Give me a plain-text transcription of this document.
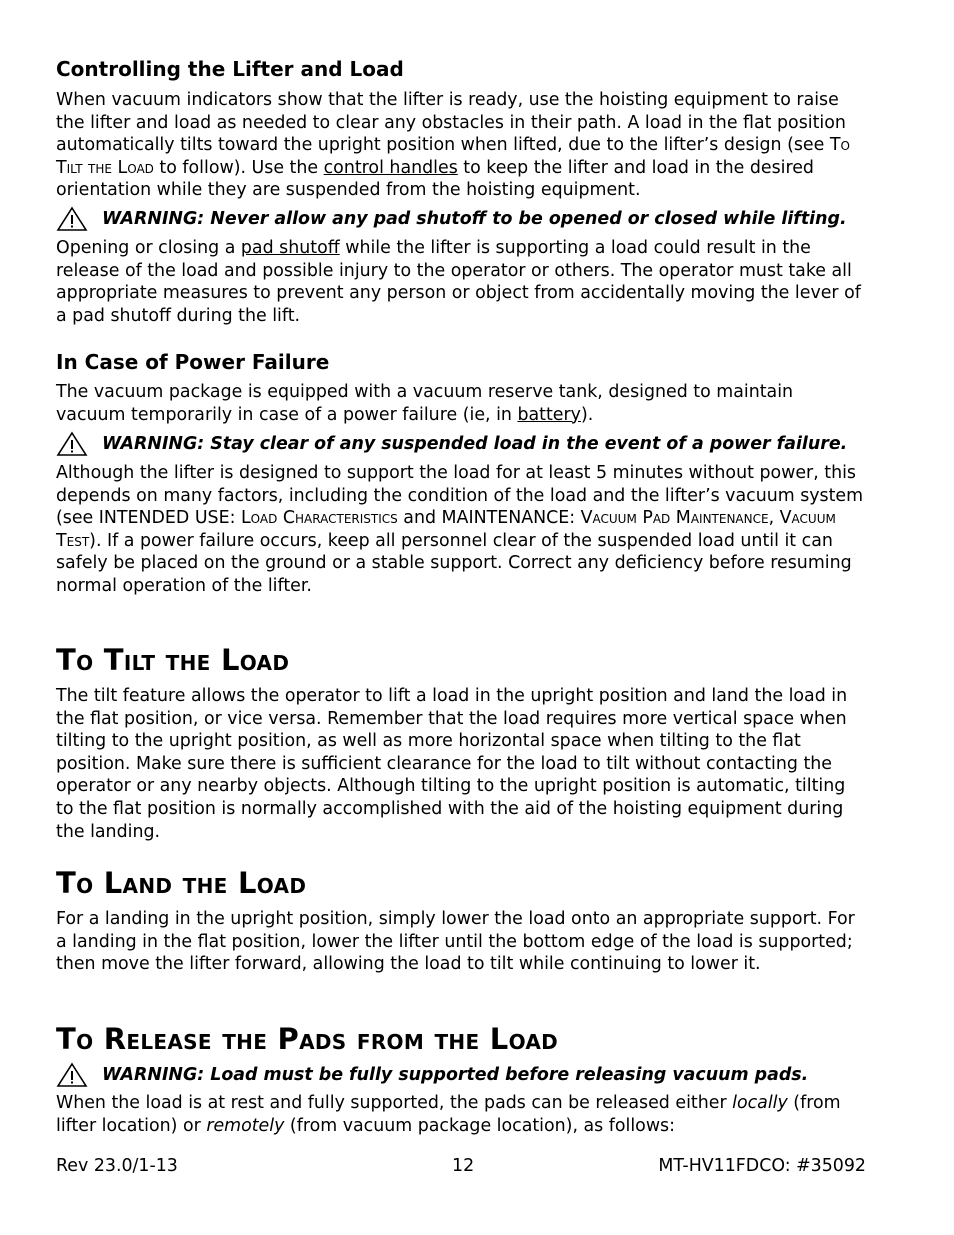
Controlling the Lifter and Load

When vacuum indicators show that the lifter is ready, use the hoisting equipment to raise the lifter and load as needed to clear any obstacles in their path. A load in the flat position automatically tilts toward the upright position when lifted, due to the lifter’s design (see To Tilt the Load to follow). Use the control handles to keep the lifter and load in the desired orientation while they are suspended from the hoisting equipment.

WARNING: Never allow any pad shutoff to be opened or closed while lifting.

Opening or closing a pad shutoff while the lifter is supporting a load could result in the release of the load and possible injury to the operator or others. The operator must take all appropriate measures to prevent any person or object from accidentally moving the lever of a pad shutoff during the lift.

In Case of Power Failure

The vacuum package is equipped with a vacuum reserve tank, designed to maintain vacuum temporarily in case of a power failure (ie, in battery).

WARNING: Stay clear of any suspended load in the event of a power failure.

Although the lifter is designed to support the load for at least 5 minutes without power, this depends on many factors, including the condition of the load and the lifter’s vacuum system (see INTENDED USE: Load Characteristics and MAINTENANCE: Vacuum Pad Maintenance, Vacuum Test). If a power failure occurs, keep all personnel clear of the suspended load until it can safely be placed on the ground or a stable support. Correct any deficiency before resuming normal operation of the lifter.

To Tilt the Load

The tilt feature allows the operator to lift a load in the upright position and land the load in the flat position, or vice versa. Remember that the load requires more vertical space when tilting to the upright position, as well as more horizontal space when tilting to the flat position. Make sure there is sufficient clearance for the load to tilt without contacting the operator or any nearby objects. Although tilting to the upright position is automatic, tilting to the flat position is normally accomplished with the aid of the hoisting equipment during the landing.

To Land the Load

For a landing in the upright position, simply lower the load onto an appropriate support. For a landing in the flat position, lower the lifter until the bottom edge of the load is supported; then move the lifter forward, allowing the load to tilt while continuing to lower it.

To Release the Pads from the Load
WARNING: Load must be fully supported before releasing vacuum pads.

When the load is at rest and fully supported, the pads can be released either locally (from lifter location) or remotely (from vacuum package location), as follows:

Rev 23.0/1-13	12	MT-HV11FDCO: #35092
